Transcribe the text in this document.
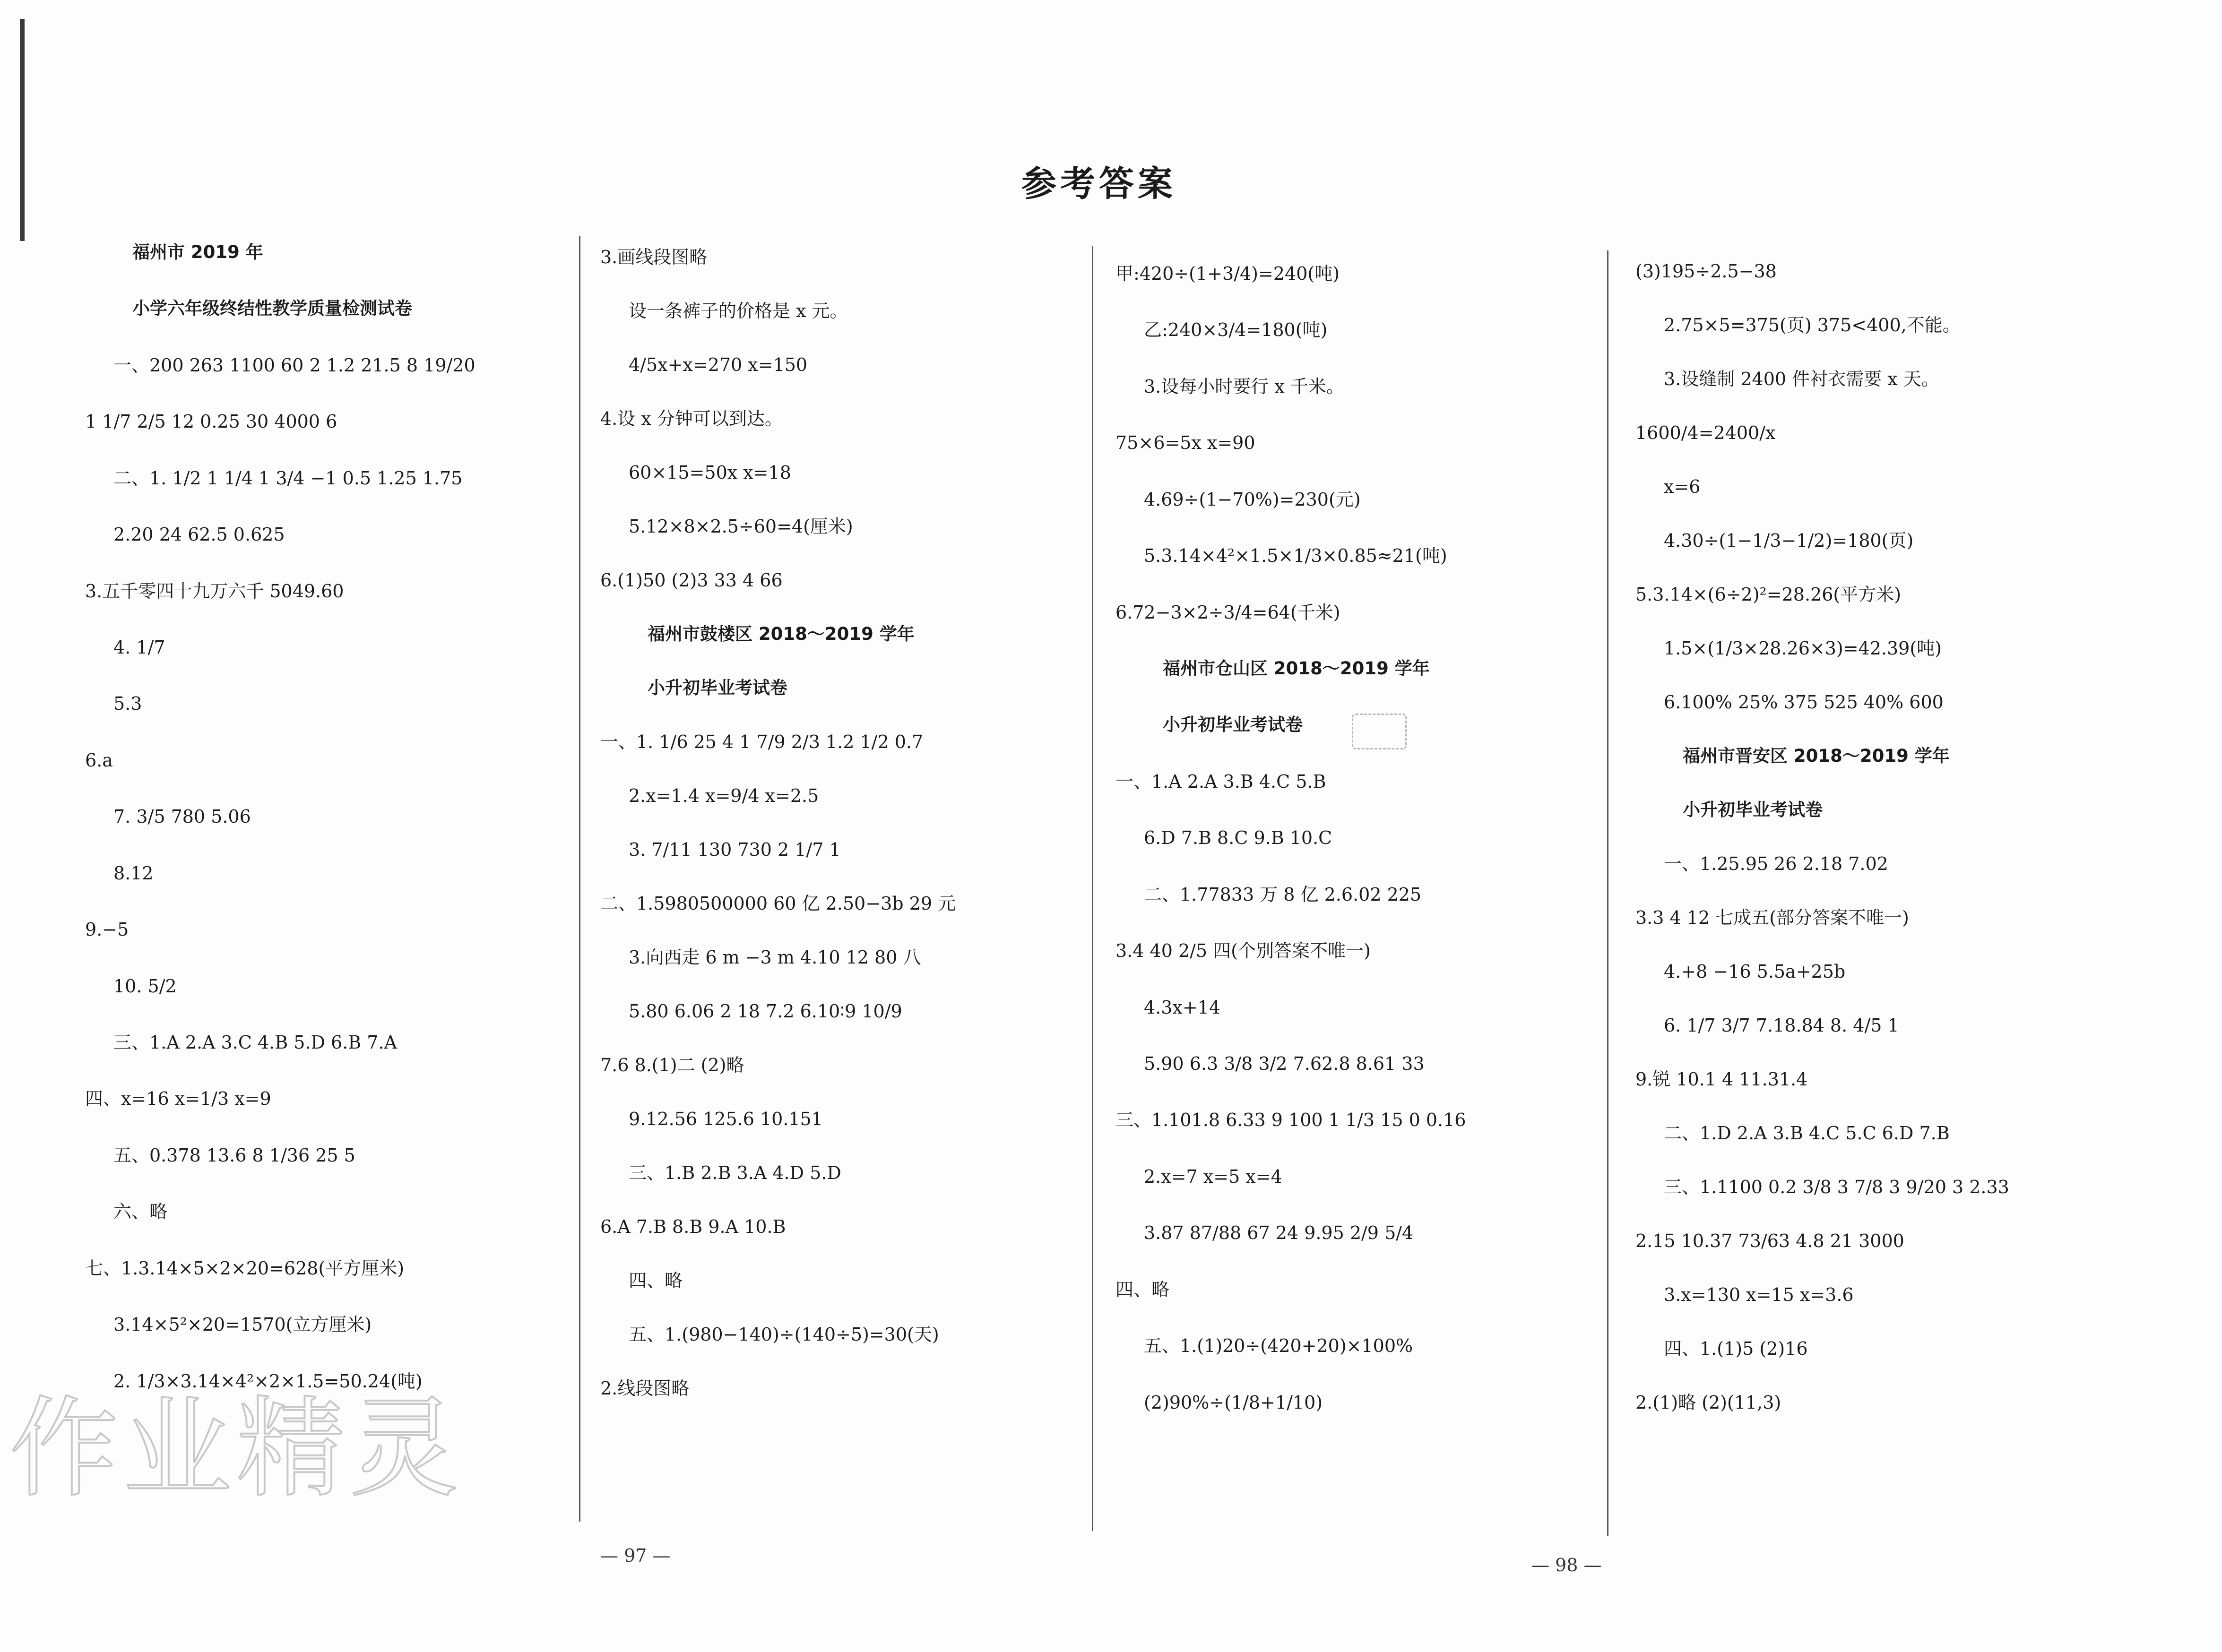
参考答案
福州市 2019 年
小学六年级终结性教学质量检测试卷
一、200 263 1100 60 2 1.2 21.5 8 19/20
1 1/7 2/5 12 0.25 30 4000 6
二、1. 1/2 1 1/4 1 3/4 −1 0.5 1.25 1.75
2.20 24 62.5 0.625
3.五千零四十九万六千 5049.60
4. 1/7
5.3
6.a
7. 3/5 780 5.06
8.12
9.−5
10. 5/2
三、1.A 2.A 3.C 4.B 5.D 6.B 7.A
四、x=16 x=1/3 x=9
五、0.378 13.6 8 1/36 25 5
六、略
七、1.3.14×5×2×20=628(平方厘米)
3.14×5²×20=1570(立方厘米)
2. 1/3×3.14×4²×2×1.5=50.24(吨)
3.画线段图略
设一条裤子的价格是 x 元。
4/5x+x=270 x=150
4.设 x 分钟可以到达。
60×15=50x x=18
5.12×8×2.5÷60=4(厘米)
6.(1)50 (2)3 33 4 66
福州市鼓楼区 2018～2019 学年
小升初毕业考试卷
一、1. 1/6 25 4 1 7/9 2/3 1.2 1/2 0.7
2.x=1.4 x=9/4 x=2.5
3. 7/11 130 730 2 1/7 1
二、1.5980500000 60 亿 2.50−3b 29 元
3.向西走 6 m −3 m 4.10 12 80 八
5.80 6.06 2 18 7.2 6.10∶9 10/9
7.6 8.(1)二 (2)略
9.12.56 125.6 10.151
三、1.B 2.B 3.A 4.D 5.D
6.A 7.B 8.B 9.A 10.B
四、略
五、1.(980−140)÷(140÷5)=30(天)
2.线段图略
甲:420÷(1+3/4)=240(吨)
乙:240×3/4=180(吨)
3.设每小时要行 x 千米。
75×6=5x x=90
4.69÷(1−70%)=230(元)
5.3.14×4²×1.5×1/3×0.85≈21(吨)
6.72−3×2÷3/4=64(千米)
福州市仓山区 2018～2019 学年
小升初毕业考试卷
一、1.A 2.A 3.B 4.C 5.B
6.D 7.B 8.C 9.B 10.C
二、1.77833 万 8 亿 2.6.02 225
3.4 40 2/5 四(个别答案不唯一)
4.3x+14
5.90 6.3 3/8 3/2 7.62.8 8.61 33
三、1.101.8 6.33 9 100 1 1/3 15 0 0.16
2.x=7 x=5 x=4
3.87 87/88 67 24 9.95 2/9 5/4
四、略
五、1.(1)20÷(420+20)×100%
(2)90%÷(1/8+1/10)
(3)195÷2.5−38
2.75×5=375(页) 375<400,不能。
3.设缝制 2400 件衬衣需要 x 天。
1600/4=2400/x
x=6
4.30÷(1−1/3−1/2)=180(页)
5.3.14×(6÷2)²=28.26(平方米)
1.5×(1/3×28.26×3)=42.39(吨)
6.100% 25% 375 525 40% 600
福州市晋安区 2018～2019 学年
小升初毕业考试卷
一、1.25.95 26 2.18 7.02
3.3 4 12 七成五(部分答案不唯一)
4.+8 −16 5.5a+25b
6. 1/7 3/7 7.18.84 8. 4/5 1
9.锐 10.1 4 11.31.4
二、1.D 2.A 3.B 4.C 5.C 6.D 7.B
三、1.1100 0.2 3/8 3 7/8 3 9/20 3 2.33
2.15 10.37 73/63 4.8 21 3000
3.x=130 x=15 x=3.6
四、1.(1)5 (2)16
2.(1)略 (2)(11,3)
作业精灵
— 97 —	— 98 —
